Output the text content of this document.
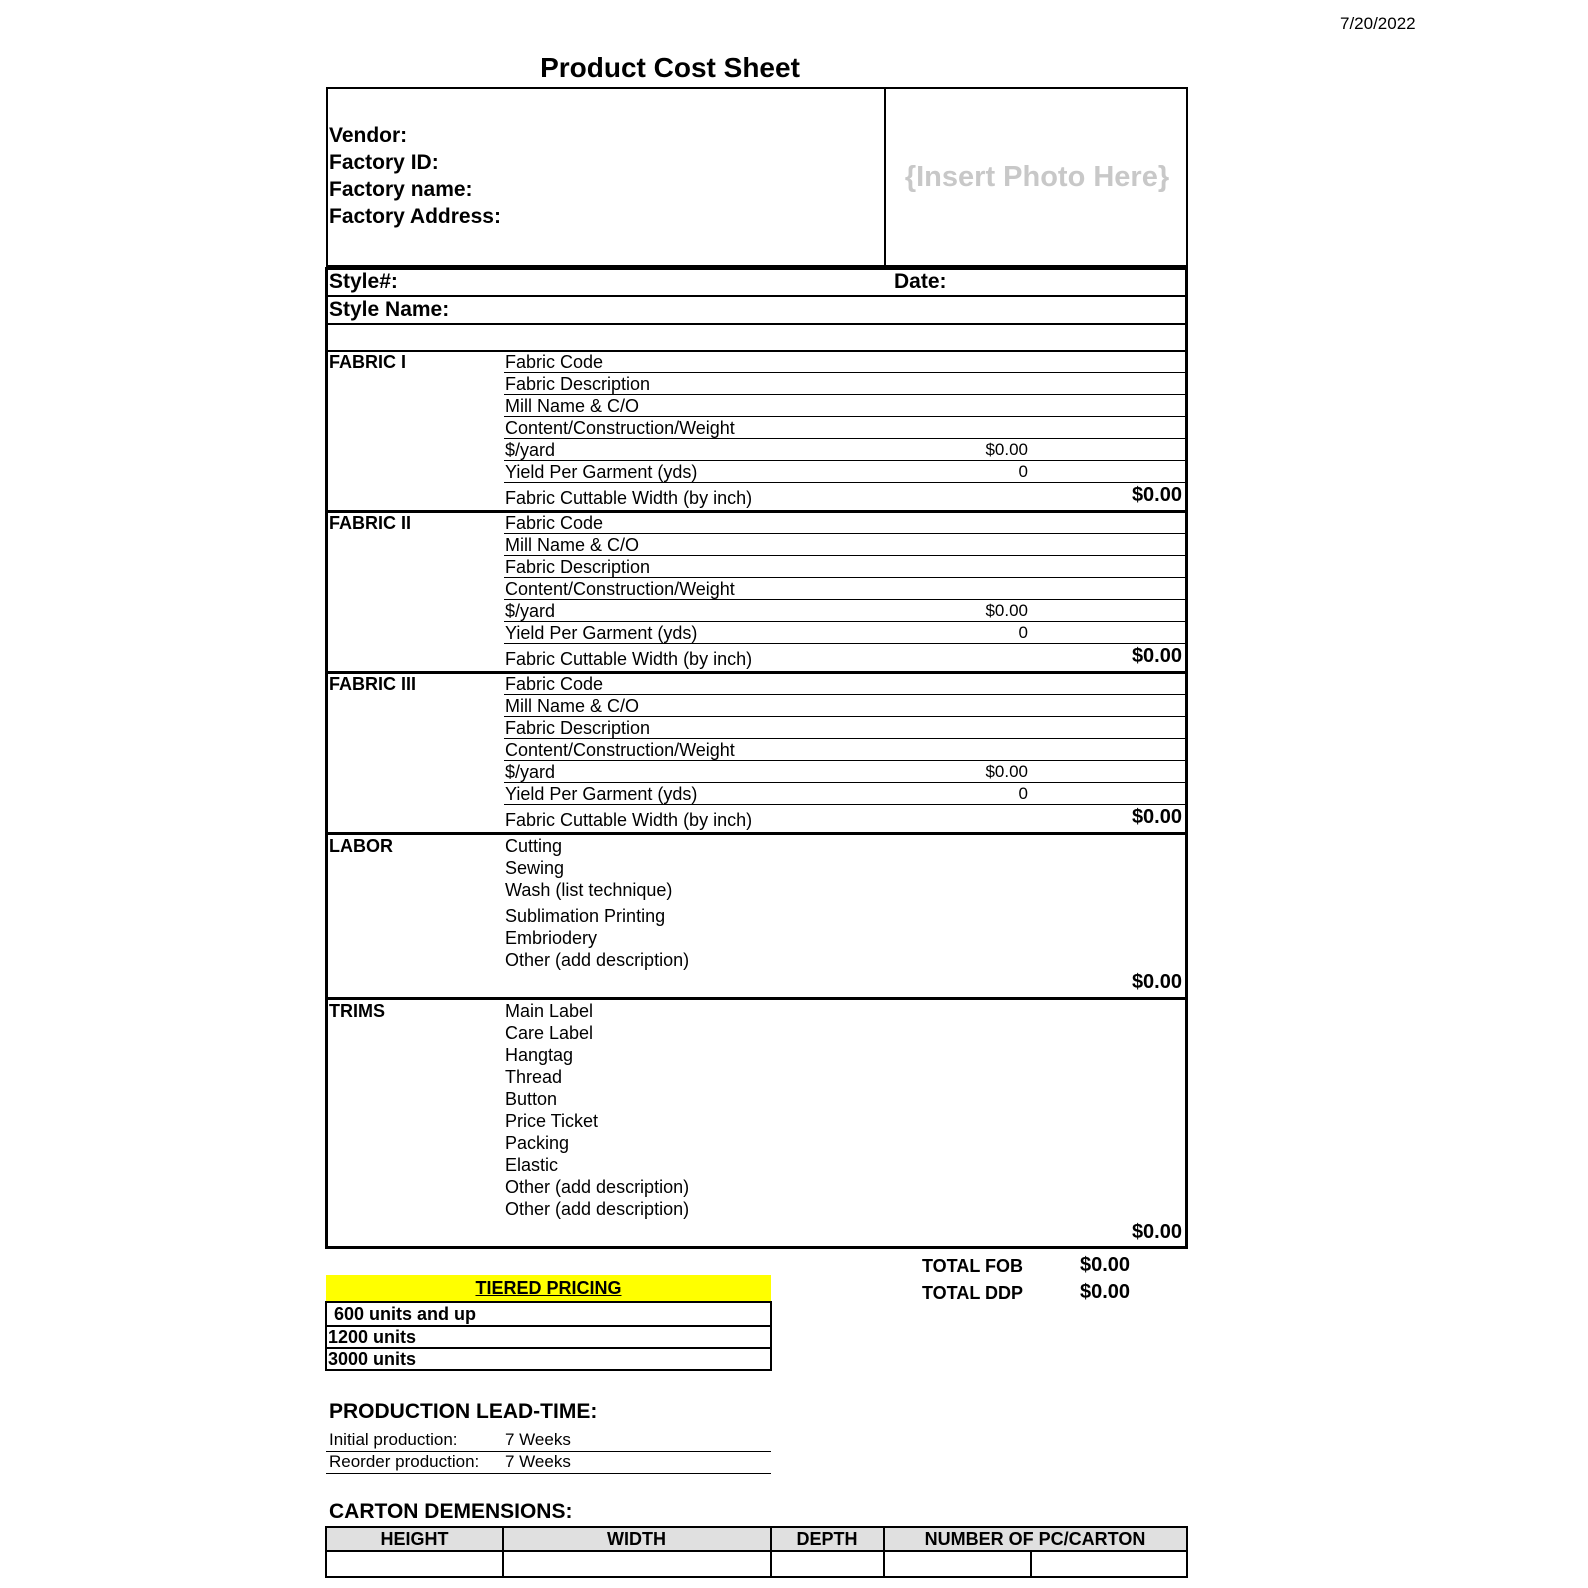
7/20/2022
Product Cost Sheet
Vendor:
Factory ID:
Factory name:
Factory Address:
{Insert Photo Here}
Style#:	Date:
Style Name:
FABRIC I	Fabric Code
Fabric Description
Mill Name & C/O
Content/Construction/Weight
$/yard	$0.00
Yield Per Garment (yds)	0
Fabric Cuttable Width (by inch)	$0.00
FABRIC II	Fabric Code
Mill Name & C/O
Fabric Description
Content/Construction/Weight
$/yard	$0.00
Yield Per Garment (yds)	0
Fabric Cuttable Width (by inch)	$0.00
FABRIC III	Fabric Code
Mill Name & C/O
Fabric Description
Content/Construction/Weight
$/yard	$0.00
Yield Per Garment (yds)	0
Fabric Cuttable Width (by inch)	$0.00
LABOR	Cutting
Sewing
Wash (list technique)
Sublimation Printing
Embriodery
Other (add description)
$0.00
TRIMS	Main Label
Care Label
Hangtag
Thread
Button
Price Ticket
Packing
Elastic
Other (add description)
Other (add description)
$0.00
TOTAL FOB	$0.00
TOTAL DDP	$0.00
TIERED PRICING
600 units and up
1200 units
3000 units
PRODUCTION LEAD-TIME:
Initial production:	7 Weeks
Reorder production: 7 Weeks
CARTON DEMENSIONS:
HEIGHT	WIDTH	DEPTH	NUMBER OF PC/CARTON
